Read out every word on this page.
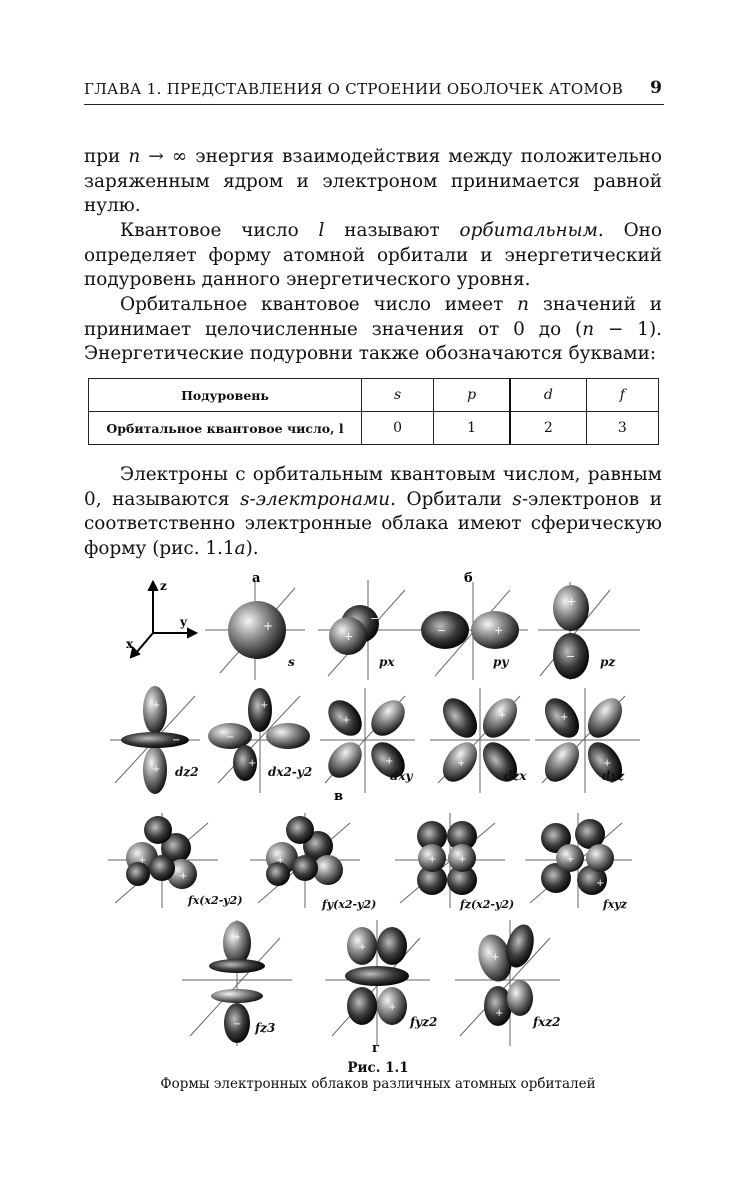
ГЛАВА 1. ПРЕДСТАВЛЕНИЯ О СТРОЕНИИ ОБОЛОЧЕК АТОМОВ 9

при n → ∞ энергия взаимодействия между положительно заряженным ядром и электроном принимается равной нулю.

Квантовое число l называют орбитальным. Оно определяет форму атомной орбитали и энергетический подуровень данного энергетического уровня.

Орбитальное квантовое число имеет n значений и принимает целочисленные значения от 0 до (n − 1). Энергетические подуровни также обозначаются буквами:

Подуровень	s	p	d	f
Орбитальное квантовое число, l	0	1	2	3

Электроны с орбитальным квантовым числом, равным 0, называются s-электронами. Орбитали s-электронов и соответственно электронные облака имеют сферическую форму (рис. 1.1a).

z
y
x
а	б
в
г
+
+
−
−	+
+
−
+
+
−	−
+
+
+
+
+
+
+
+
+
+
+
+
+ +	+
+
+
−
+
+
+
+
s	px	py	pz
dz2	dx2-y2	dxy	dzx	dyz
fx(x2-y2)	fy(x2-y2)	fz(x2-y2)	fxyz
fz3	fyz2	fxz2
Рис. 1.1
Формы электронных облаков различных атомных орбиталей
